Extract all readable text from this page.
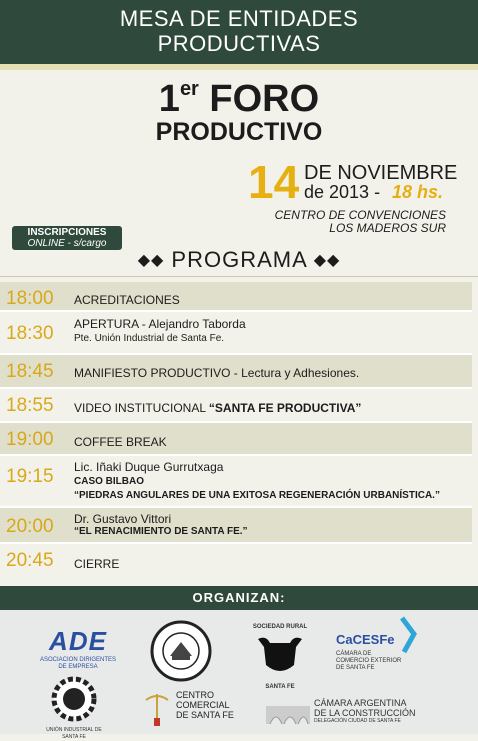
MESA DE ENTIDADES
PRODUCTIVAS
1er FORO
PRODUCTIVO
14 DE NOVIEMBRE
de 2013 - 18 hs.
CENTRO DE CONVENCIONES
LOS MADEROS SUR
INSCRIPCIONES
ONLINE - s/cargo
◆◆ PROGRAMA ◆◆
18:00 ACREDITACIONES
18:30 APERTURA - Alejandro Taborda
Pte. Unión Industrial de Santa Fe.
18:45 MANIFIESTO PRODUCTIVO - Lectura y Adhesiones.
18:55 VIDEO INSTITUCIONAL “SANTA FE PRODUCTIVA”
19:00 COFFEE BREAK
19:15 Lic. Iñaki Duque Gurrutxaga
CASO BILBAO
“PIEDRAS ANGULARES DE UNA EXITOSA REGENERACIÓN URBANÍSTICA.”
20:00 Dr. Gustavo Vittori
“EL RENACIMIENTO DE SANTA FE.”
20:45 CIERRE
ORGANIZAN:
ADE
ASOCIACION DIRIGENTES
DE EMPRESA
SOCIEDAD RURAL
SANTA FE
CaCESFe
CÁMARA DE
COMERCIO EXTERIOR
DE SANTA FE
UNIÓN INDUSTRIAL DE SANTA FE
CENTRO
COMERCIAL
DE SANTA FE
CÁMARA ARGENTINA
DE LA CONSTRUCCIÓN
DELEGACIÓN CIUDAD DE SANTA FE
